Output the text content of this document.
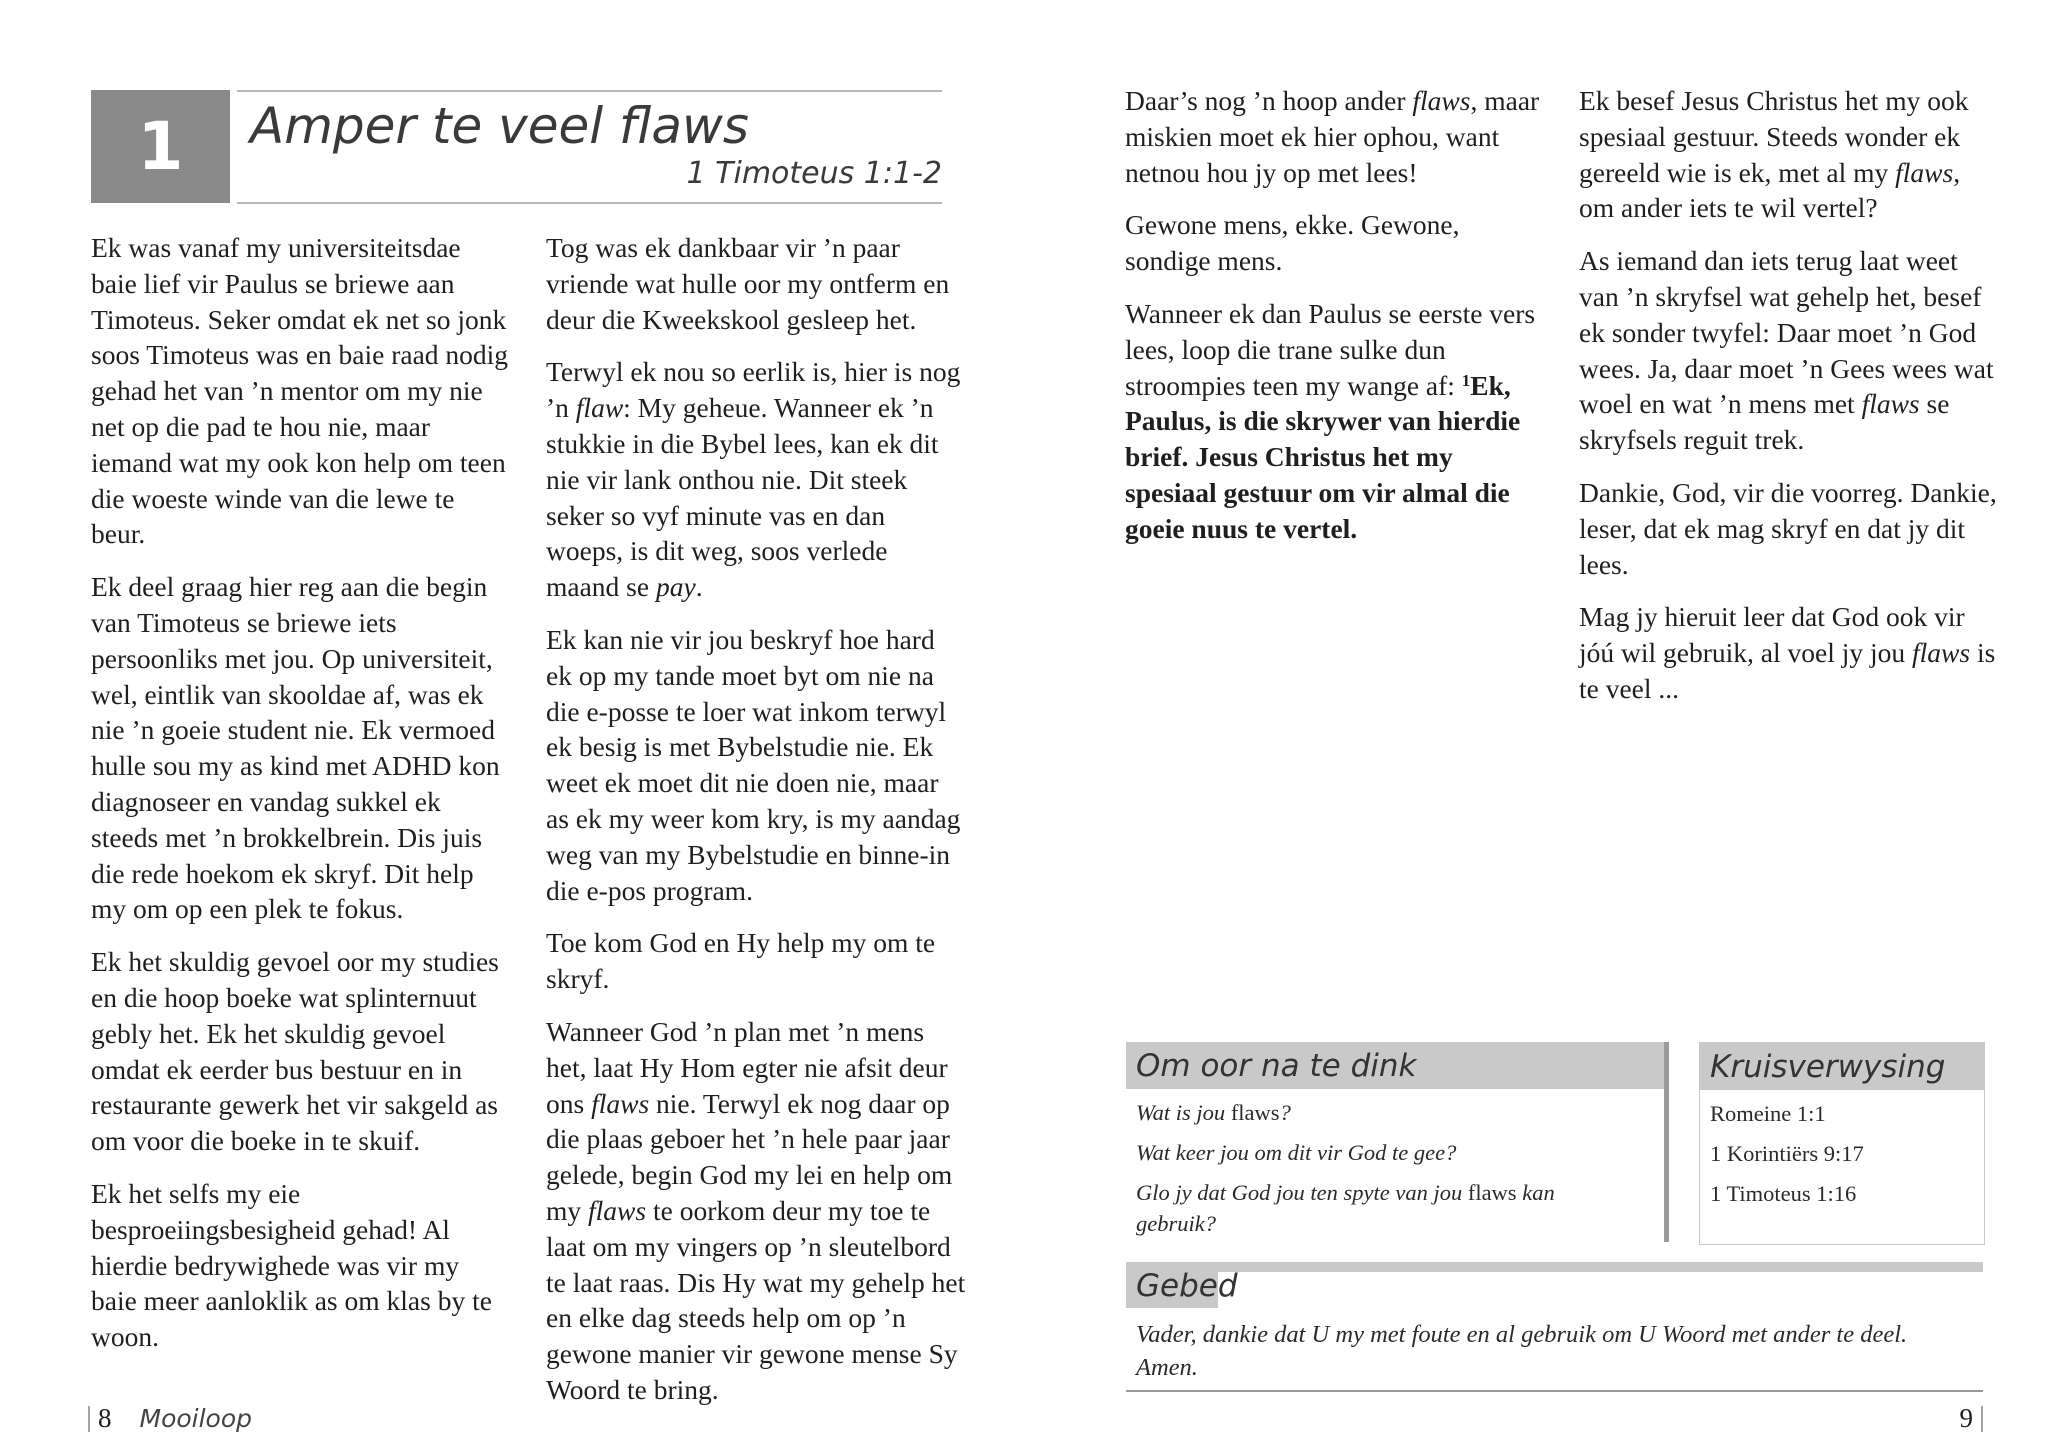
1 Amper te veel flaws
1 Timoteus 1:1-2

Ek was vanaf my universiteitsdae baie lief vir Paulus se briewe aan Timoteus. Seker omdat ek net so jonk soos Timoteus was en baie raad nodig gehad het van ’n mentor om my nie net op die pad te hou nie, maar iemand wat my ook kon help om teen die woeste winde van die lewe te beur.

Ek deel graag hier reg aan die begin van Timoteus se briewe iets persoonliks met jou. Op universiteit, wel, eintlik van skooldae af, was ek nie ’n goeie student nie. Ek vermoed hulle sou my as kind met ADHD kon diagnoseer en vandag sukkel ek steeds met ’n brokkelbrein. Dis juis die rede hoekom ek skryf. Dit help my om op een plek te fokus.

Ek het skuldig gevoel oor my studies en die hoop boeke wat splinternuut gebly het. Ek het skuldig gevoel omdat ek eerder bus bestuur en in restaurante gewerk het vir sakgeld as om voor die boeke in te skuif.

Ek het selfs my eie besproeiingsbesigheid gehad! Al hierdie bedrywighede was vir my baie meer aanloklik as om klas by te woon.

Tog was ek dankbaar vir ’n paar vriende wat hulle oor my ontferm en deur die Kweekskool gesleep het.

Terwyl ek nou so eerlik is, hier is nog ’n flaw: My geheue. Wanneer ek ’n stukkie in die Bybel lees, kan ek dit nie vir lank onthou nie. Dit steek seker so vyf minute vas en dan woeps, is dit weg, soos verlede maand se pay.

Ek kan nie vir jou beskryf hoe hard ek op my tande moet byt om nie na die e-posse te loer wat inkom terwyl ek besig is met Bybelstudie nie. Ek weet ek moet dit nie doen nie, maar as ek my weer kom kry, is my aandag weg van my Bybelstudie en binne-in die e-pos program.

Toe kom God en Hy help my om te skryf.

Wanneer God ’n plan met ’n mens het, laat Hy Hom egter nie afsit deur ons flaws nie. Terwyl ek nog daar op die plaas geboer het ’n hele paar jaar gelede, begin God my lei en help om my flaws te oorkom deur my toe te laat om my vingers op ’n sleutelbord te laat raas. Dis Hy wat my gehelp het en elke dag steeds help om op ’n gewone manier vir gewone mense Sy Woord te bring.

Daar’s nog ’n hoop ander flaws, maar miskien moet ek hier ophou, want netnou hou jy op met lees!

Gewone mens, ekke. Gewone, sondige mens.

Wanneer ek dan Paulus se eerste vers lees, loop die trane sulke dun stroompies teen my wange af: $^1$Ek, Paulus, is die skrywer van hierdie brief. Jesus Christus het my spesiaal gestuur om vir almal die goeie nuus te vertel.

Ek besef Jesus Christus het my ook spesiaal gestuur. Steeds wonder ek gereeld wie is ek, met al my flaws, om ander iets te wil vertel?

As iemand dan iets terug laat weet van ’n skryfsel wat gehelp het, besef ek sonder twyfel: Daar moet ’n God wees. Ja, daar moet ’n Gees wees wat woel en wat ’n mens met flaws se skryfsels reguit trek.

Dankie, God, vir die voorreg. Dankie, leser, dat ek mag skryf en dat jy dit lees.

Mag jy hieruit leer dat God ook vir jóú wil gebruik, al voel jy jou flaws is te veel ...

Om oor na te dink
Wat is jou flaws?
Wat keer jou om dit vir God te gee?
Glo jy dat God jou ten spyte van jou flaws kan gebruik?
Kruisverwysing
Romeine 1:1
1 Korintiërs 9:17
1 Timoteus 1:16
Gebed
Vader, dankie dat U my met foute en al gebruik om U Woord met ander te deel. Amen.
8 Mooiloop	9
